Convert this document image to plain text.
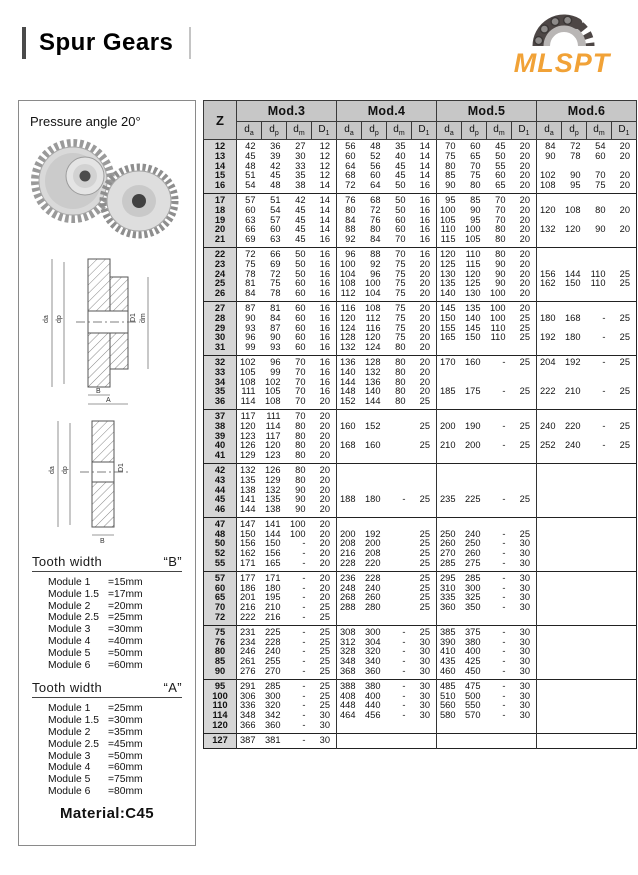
Spur Gears
MLSPT
Pressure angle 20°
da dp	dm
D1
B
A
da dp	D1
B
Tooth width	“B”
Module 1	=15mm
Module 1.5 =17mm
Module 2	=20mm
Module 2.5 =25mm
Module 3	=30mm
Module 4	=40mm
Module 5	=50mm
Module 6	=60mm
Tooth width	“A”
Module 1	=25mm
Module 1.5 =30mm
Module 2	=35mm
Module 2.5 =45mm
Module 3	=50mm
Module 4	=60mm
Module 5	=75mm
Module 6	=80mm
Material:C45
Z	Mod.3				Mod.4				Mod.5				Mod.6			
	$d_a$	$d_p$	$d_m$	$D_1$	$d_a$	$d_p$	$d_m$	$D_1$	$d_a$	$d_p$	$d_m$	$D_1$	$d_a$	$d_p$	$d_m$	$D_1$
12	42	36	27	12	56	48	35	14	70	60	45	20	84	72	54	20
13	45	39	30	12	60	52	40	14	75	65	50	20	90	78	60	20
14	48	42	33	12	64	56	45	14	80	70	55	20				
15	51	45	35	12	68	60	45	14	85	75	60	20	102	90	70	20
16	54	48	38	14	72	64	50	16	90	80	65	20	108	95	75	20
17	57	51	42	14	76	68	50	16	95	85	70	20				
18	60	54	45	14	80	72	50	16	100	90	70	20	120	108	80	20
19	63	57	45	14	84	76	60	16	105	95	70	20				
20	66	60	45	14	88	80	60	16	110	100	80	20	132	120	90	20
21	69	63	45	16	92	84	70	16	115	105	80	20				
22	72	66	50	16	96	88	70	16	120	110	80	20				
23	75	69	50	16	100	92	75	20	125	115	90	20				
24	78	72	50	16	104	96	75	20	130	120	90	20	156	144	110	25
25	81	75	60	16	108	100	75	20	135	125	90	20	162	150	110	25
26	84	78	60	16	112	104	75	20	140	130	100	20				
27	87	81	60	16	116	108	75	20	145	135	100	20				
28	90	84	60	16	120	112	75	20	150	140	100	25	180	168	-	25
29	93	87	60	16	124	116	75	20	155	145	110	25				
30	96	90	60	16	128	120	75	20	165	150	110	25	192	180	-	25
31	99	93	60	16	132	124	80	20								
32	102	96	70	16	136	128	80	20	170	160	-	25	204	192	-	25
33	105	99	70	16	140	132	80	20								
34	108	102	70	16	144	136	80	20								
35	111	105	70	16	148	140	80	20	185	175	-	25	222	210	-	25
36	114	108	70	20	152	144	80	25								
37	117	111	70	20												
38	120	114	80	20	160	152		25	200	190	-	25	240	220	-	25
39	123	117	80	20												
40	126	120	80	20	168	160		25	210	200	-	25	252	240	-	25
41	129	123	80	20												
42	132	126	80	20												
43	135	129	80	20												
44	138	132	90	20												
45	141	135	90	20	188	180	-	25	235	225	-	25				
46	144	138	90	20												
47	147	141	100	20												
48	150	144	100	20	200	192		25	250	240	-	25				
50	156	150	-	20	208	200		25	260	250	-	30				
52	162	156	-	20	216	208		25	270	260	-	30				
55	171	165	-	20	228	220		25	285	275	-	30				
57	177	171	-	20	236	228		25	295	285	-	30				
60	186	180	-	20	248	240		25	310	300	-	30				
65	201	195	-	20	268	260		25	335	325	-	30				
70	216	210	-	25	288	280		25	360	350	-	30				
72	222	216	-	25												
75	231	225	-	25	308	300	-	25	385	375	-	30				
76	234	228	-	25	312	304	-	30	390	380	-	30				
80	246	240	-	25	328	320	-	30	410	400	-	30				
85	261	255	-	25	348	340	-	30	435	425	-	30				
90	276	270	-	25	368	360	-	30	460	450	-	30				
95	291	285	-	25	388	380	-	30	485	475	-	30				
100	306	300	-	25	408	400	-	30	510	500	-	30				
110	336	320	-	25	448	440	-	30	560	550	-	30				
114	348	342	-	30	464	456	-	30	580	570	-	30				
120	366	360	-	30												
127	387	381	-	30												
